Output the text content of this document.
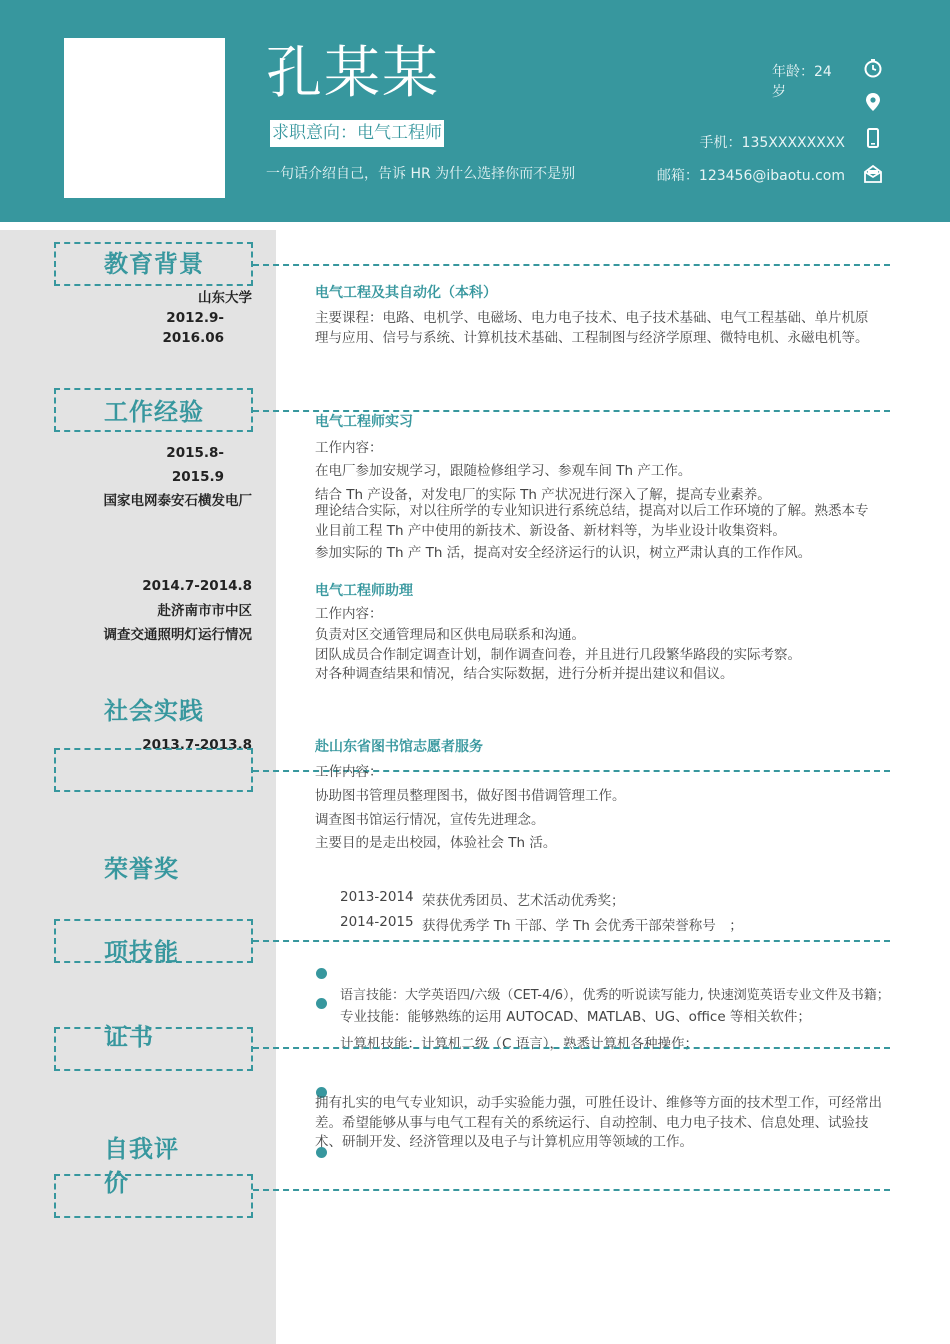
孔某某
求职意向：电气工程师
一句话介绍自己，告诉 HR 为什么选择你而不是别
年龄：24
岁
手机：135XXXXXXXX
邮箱：123456@ibaotu.com
教育背景
山东大学
2012.9-
2016.06
电气工程及其自动化（本科）
主要课程：电路、电机学、电磁场、电力电子技术、电子技术基础、电气工程基础、单片机原理与应用、信号与系统、计算机技术基础、工程制图与经济学原理、微特电机、永磁电机等。
工作经验
2015.8-
2015.9
国家电网泰安石横发电厂
电气工程师实习
工作内容：
在电厂参加安规学习，跟随检修组学习、参观车间 Th 产工作。
结合 Th 产设备，对发电厂的实际 Th 产状况进行深入了解，提高专业素养。
理论结合实际，对以往所学的专业知识进行系统总结，提高对以后工作环境的了解。熟悉本专业目前工程 Th 产中使用的新技术、新设备、新材料等，为毕业设计收集资料。
参加实际的 Th 产 Th 活，提高对安全经济运行的认识，树立严肃认真的工作作风。
2014.7-2014.8
赴济南市市中区
调查交通照明灯运行情况
电气工程师助理
工作内容：
负责对区交通管理局和区供电局联系和沟通。
团队成员合作制定调查计划，制作调查问卷，并且进行几段繁华路段的实际考察。
对各种调查结果和情况，结合实际数据，进行分析并提出建议和倡议。
社会实践
2013.7-2013.8	赴山东省图书馆志愿者服务
工作内容：
协助图书管理员整理图书，做好图书借调管理工作。
调查图书馆运行情况，宣传先进理念。
主要目的是走出校园，体验社会 Th 活。
荣誉奖
2013-2014 荣获优秀团员、艺术活动优秀奖；
2014-2015 获得优秀学 Th 干部、学 Th 会优秀干部荣誉称号　；
项技能
语言技能：大学英语四/六级（CET-4/6），优秀的听说读写能力, 快速浏览英语专业文件及书籍；
专业技能：能够熟练的运用 AUTOCAD、MATLAB、UG、office 等相关软件；
计算机技能：计算机二级（C 语言），熟悉计算机各种操作；
证书
拥有扎实的电气专业知识，动手实验能力强，可胜任设计、维修等方面的技术型工作，可经常出差。希望能够从事与电气工程有关的系统运行、自动控制、电力电子技术、信息处理、试验技术、研制开发、经济管理以及电子与计算机应用等领域的工作。
自我评
价
